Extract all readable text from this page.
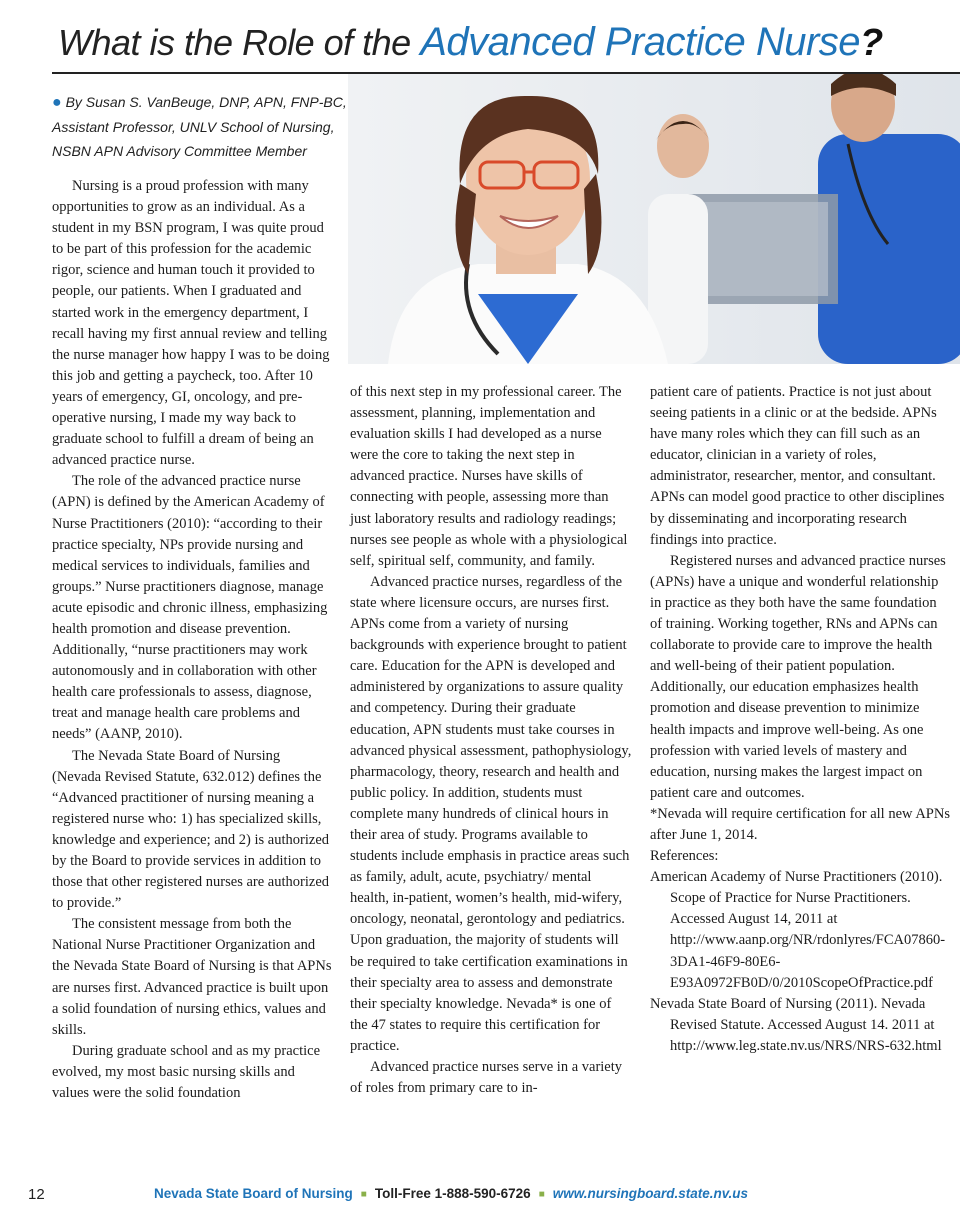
What is the Role of the Advanced Practice Nurse?
● By Susan S. VanBeuge, DNP, APN, FNP-BC,
Assistant Professor, UNLV School of Nursing,
NSBN APN Advisory Committee Member

Nursing is a proud profession with many opportunities to grow as an individual. As a student in my BSN program, I was quite proud to be part of this profession for the academic rigor, science and human touch it provided to people, our patients. When I graduated and started work in the emergency department, I recall having my first annual review and telling the nurse manager how happy I was to be doing this job and getting a paycheck, too. After 10 years of emergency, GI, oncology, and pre-operative nursing, I made my way back to graduate school to fulfill a dream of being an advanced practice nurse.

The role of the advanced practice nurse (APN) is defined by the American Academy of Nurse Practitioners (2010): “according to their practice specialty, NPs provide nursing and medical services to individuals, families and groups.” Nurse practitioners diagnose, manage acute episodic and chronic illness, emphasizing health promotion and disease prevention. Additionally, “nurse practitioners may work autonomously and in collaboration with other health care professionals to assess, diagnose, treat and manage health care problems and needs” (AANP, 2010).

The Nevada State Board of Nursing (Nevada Revised Statute, 632.012) defines the “Advanced practitioner of nursing meaning a registered nurse who: 1) has specialized skills, knowledge and experience; and 2) is authorized by the Board to provide services in addition to those that other registered nurses are authorized to provide.”

The consistent message from both the National Nurse Practitioner Organization and the Nevada State Board of Nursing is that APNs are nurses first. Advanced practice is built upon a solid foundation of nursing ethics, values and skills.

During graduate school and as my practice evolved, my most basic nursing skills and values were the solid foundation

of this next step in my professional career. The assessment, planning, implementation and evaluation skills I had developed as a nurse were the core to taking the next step in advanced practice. Nurses have skills of connecting with people, assessing more than just laboratory results and radiology readings; nurses see people as whole with a physiological self, spiritual self, community, and family.

Advanced practice nurses, regardless of the state where licensure occurs, are nurses first. APNs come from a variety of nursing backgrounds with experience brought to patient care. Education for the APN is developed and administered by organizations to assure quality and competency. During their graduate education, APN students must take courses in advanced physical assessment, pathophysiology, pharmacology, theory, research and health and public policy. In addition, students must complete many hundreds of clinical hours in their area of study. Programs available to students include emphasis in practice areas such as family, adult, acute, psychiatry/ mental health, in-patient, women’s health, mid-wifery, oncology, neonatal, gerontology and pediatrics. Upon graduation, the majority of students will be required to take certification examinations in their specialty area to assess and demonstrate their specialty knowledge. Nevada* is one of the 47 states to require this certification for practice.

Advanced practice nurses serve in a variety of roles from primary care to in-

patient care of patients. Practice is not just about seeing patients in a clinic or at the bedside. APNs have many roles which they can fill such as an educator, clinician in a variety of roles, administrator, researcher, mentor, and consultant. APNs can model good practice to other disciplines by disseminating and incorporating research findings into practice.

Registered nurses and advanced practice nurses (APNs) have a unique and wonderful relationship in practice as they both have the same foundation of training. Working together, RNs and APNs can collaborate to provide care to improve the health and well-being of their patient population. Additionally, our education emphasizes health promotion and disease prevention to minimize health impacts and improve well-being. As one profession with varied levels of mastery and education, nursing makes the largest impact on patient care and outcomes.

*Nevada will require certification for all new APNs after June 1, 2014.

References:

American Academy of Nurse Practitioners (2010). Scope of Practice for Nurse Practitioners. Accessed August 14, 2011 at http://www.aanp.org/NR/rdonlyres/FCA07860-3DA1-46F9-80E6-E93A0972FB0D/0/2010ScopeOfPractice.pdf

Nevada State Board of Nursing (2011). Nevada Revised Statute. Accessed August 14. 2011 at http://www.leg.state.nv.us/NRS/NRS-632.html

12	Nevada State Board of Nursing ■ Toll-Free 1-888-590-6726 ■ www.nursingboard.state.nv.us
